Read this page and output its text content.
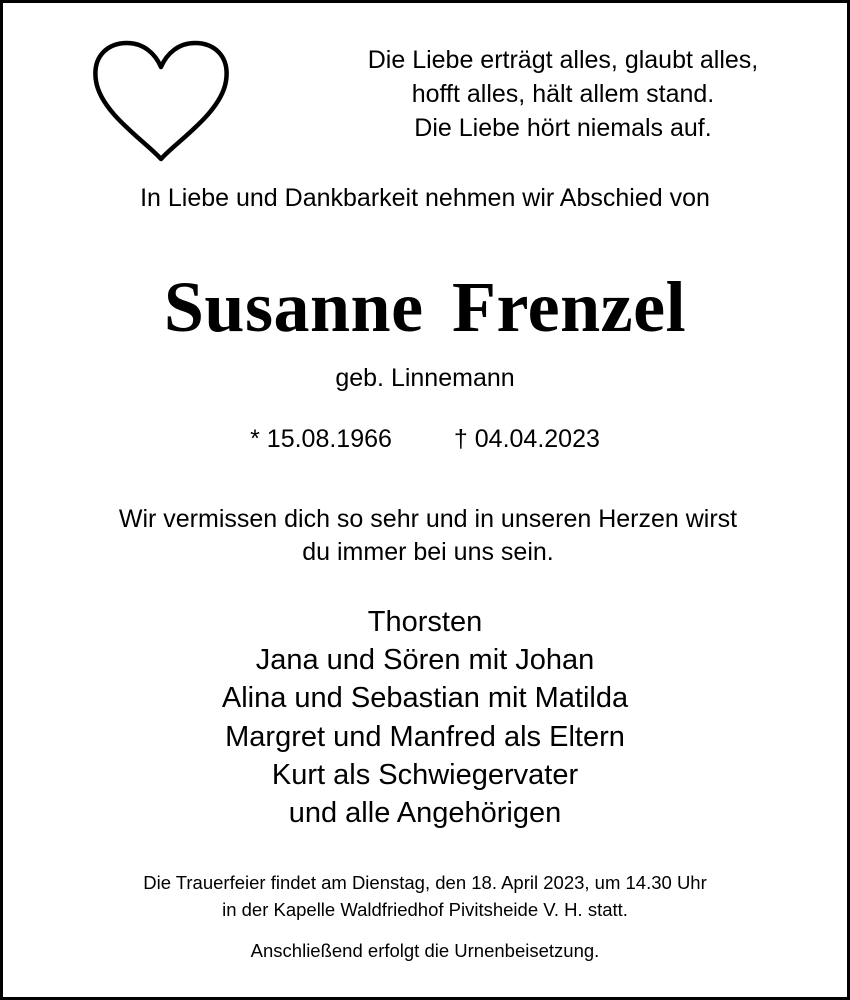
Die Liebe erträgt alles, glaubt alles,
hofft alles, hält allem stand.
Die Liebe hört niemals auf.
In Liebe und Dankbarkeit nehmen wir Abschied von
Susanne Frenzel
geb. Linnemann
* 15.08.1966 † 04.04.2023
Wir vermissen dich so sehr und in unseren Herzen wirst
du immer bei uns sein.
Thorsten
Jana und Sören mit Johan
Alina und Sebastian mit Matilda
Margret und Manfred als Eltern
Kurt als Schwiegervater
und alle Angehörigen
Die Trauerfeier findet am Dienstag, den 18. April 2023, um 14.30 Uhr
in der Kapelle Waldfriedhof Pivitsheide V. H. statt.
Anschließend erfolgt die Urnenbeisetzung.
